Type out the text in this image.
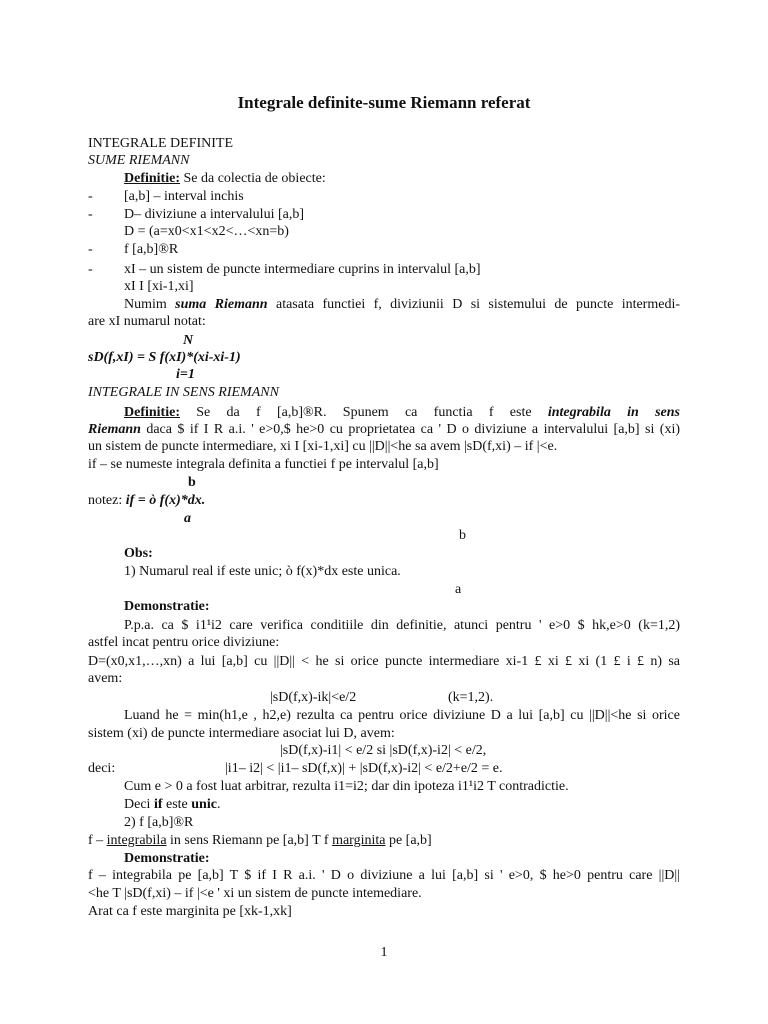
Integrale definite-sume Riemann referat
INTEGRALE DEFINITE
SUME RIEMANN
Definitie: Se da colectia de obiecte:
- [a,b] – interval inchis
- D– diviziune a intervalului [a,b]
D = (a=x0<x1<x2<…<xn=b)
- f [a,b]®R
- xI – un sistem de puncte intermediare cuprins in intervalul [a,b]
xI I [xi-1,xi]
Numim suma Riemann atasata functiei f, diviziunii D si sistemului de puncte intermedi-
are xI numarul notat:
N
sD(f,xI) = S f(xI)*(xi-xi-1)
i=1
INTEGRALE IN SENS RIEMANN
Definitie: Se da f [a,b]®R. Spunem ca functia f este integrabila in sens
Riemann daca $ if I R a.i. ' e>0,$ he>0 cu proprietatea ca ' D o diviziune a intervalului [a,b] si (xi)
un sistem de puncte intermediare, xi I [xi-1,xi] cu ||D||<he sa avem |sD(f,xi) – if |<e.
if – se numeste integrala definita a functiei f pe intervalul [a,b]
b
notez: if = ò f(x)*dx.
a
b
Obs:
1) Numarul real if este unic; ò f(x)*dx este unica.
a
Demonstratie:
P.p.a. ca $ i1¹i2 care verifica conditiile din definitie, atunci pentru ' e>0 $ hk,e>0 (k=1,2)
astfel incat pentru orice diviziune:
D=(x0,x1,…,xn) a lui [a,b] cu ||D|| < he si orice puncte intermediare xi-1 £ xi £ xi (1 £ i £ n) sa
avem:
|sD(f,x)-ik|<e/2	(k=1,2).
Luand he = min(h1,e , h2,e) rezulta ca pentru orice diviziune D a lui [a,b] cu ||D||<he si orice
sistem (xi) de puncte intermediare asociat lui D, avem:
|sD(f,x)-i1| < e/2 si |sD(f,x)-i2| < e/2,
deci:	|i1– i2| < |i1– sD(f,x)| + |sD(f,x)-i2| < e/2+e/2 = e.
Cum e > 0 a fost luat arbitrar, rezulta i1=i2; dar din ipoteza i1¹i2 T contradictie.
Deci if este unic.
2) f [a,b]®R
f – integrabila in sens Riemann pe [a,b] T f marginita pe [a,b]
Demonstratie:
f – integrabila pe [a,b] T $ if I R a.i. ' D o diviziune a lui [a,b] si ' e>0, $ he>0 pentru care ||D||
<he T |sD(f,xi) – if |<e ' xi un sistem de puncte intemediare.
Arat ca f este marginita pe [xk-1,xk]
1
